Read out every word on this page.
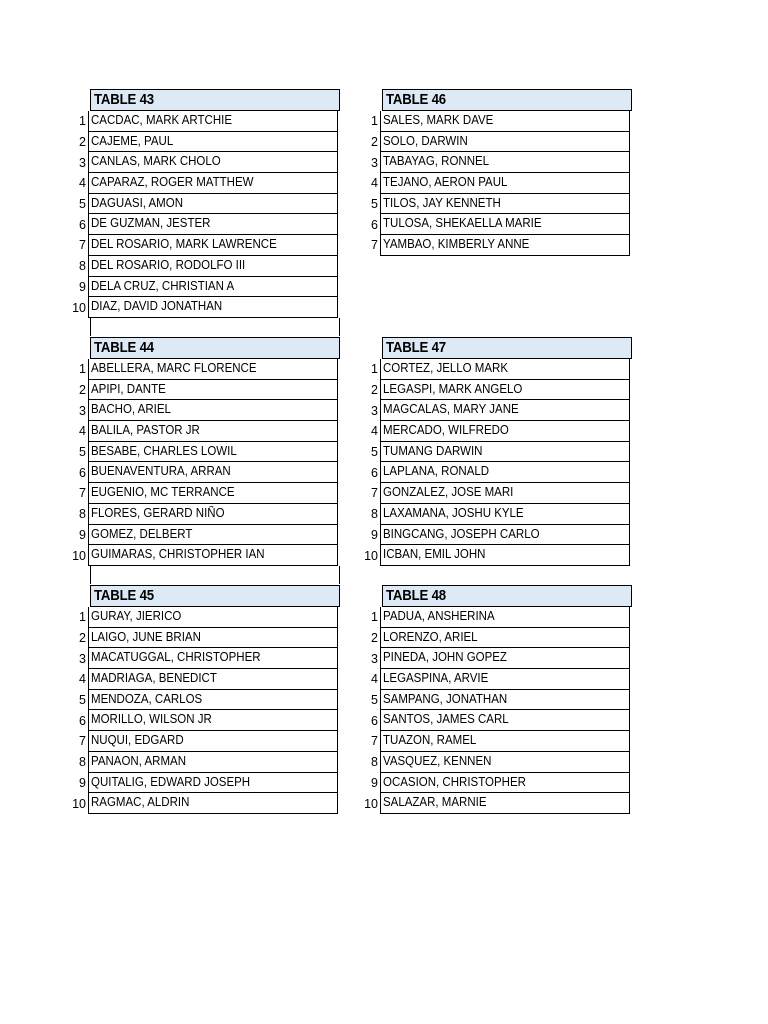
TABLE 43
1 CACDAC, MARK ARTCHIE
2 CAJEME, PAUL
3 CANLAS, MARK CHOLO
4 CAPARAZ, ROGER MATTHEW
5 DAGUASI, AMON
6 DE GUZMAN, JESTER
7 DEL ROSARIO, MARK LAWRENCE
8 DEL ROSARIO, RODOLFO III
9 DELA CRUZ, CHRISTIAN A
10 DIAZ, DAVID JONATHAN
TABLE 46
1 SALES, MARK DAVE
2 SOLO, DARWIN
3 TABAYAG, RONNEL
4 TEJANO, AERON PAUL
5 TILOS, JAY KENNETH
6 TULOSA, SHEKAELLA MARIE
7 YAMBAO, KIMBERLY ANNE
TABLE 44
1 ABELLERA, MARC FLORENCE
2 APIPI, DANTE
3 BACHO, ARIEL
4 BALILA, PASTOR JR
5 BESABE, CHARLES LOWIL
6 BUENAVENTURA, ARRAN
7 EUGENIO, MC TERRANCE
8 FLORES, GERARD NIÑO
9 GOMEZ, DELBERT
10 GUIMARAS, CHRISTOPHER IAN
TABLE 47
1 CORTEZ, JELLO MARK
2 LEGASPI, MARK ANGELO
3 MAGCALAS, MARY JANE
4 MERCADO, WILFREDO
5 TUMANG DARWIN
6 LAPLANA, RONALD
7 GONZALEZ, JOSE MARI
8 LAXAMANA, JOSHU KYLE
9 BINGCANG, JOSEPH CARLO
10 ICBAN, EMIL JOHN
TABLE 45
1 GURAY, JIERICO
2 LAIGO, JUNE BRIAN
3 MACATUGGAL, CHRISTOPHER
4 MADRIAGA, BENEDICT
5 MENDOZA, CARLOS
6 MORILLO, WILSON JR
7 NUQUI, EDGARD
8 PANAON, ARMAN
9 QUITALIG, EDWARD JOSEPH
10 RAGMAC, ALDRIN
TABLE 48
1 PADUA, ANSHERINA
2 LORENZO, ARIEL
3 PINEDA, JOHN GOPEZ
4 LEGASPINA, ARVIE
5 SAMPANG, JONATHAN
6 SANTOS, JAMES CARL
7 TUAZON, RAMEL
8 VASQUEZ, KENNEN
9 OCASION, CHRISTOPHER
10 SALAZAR, MARNIE
